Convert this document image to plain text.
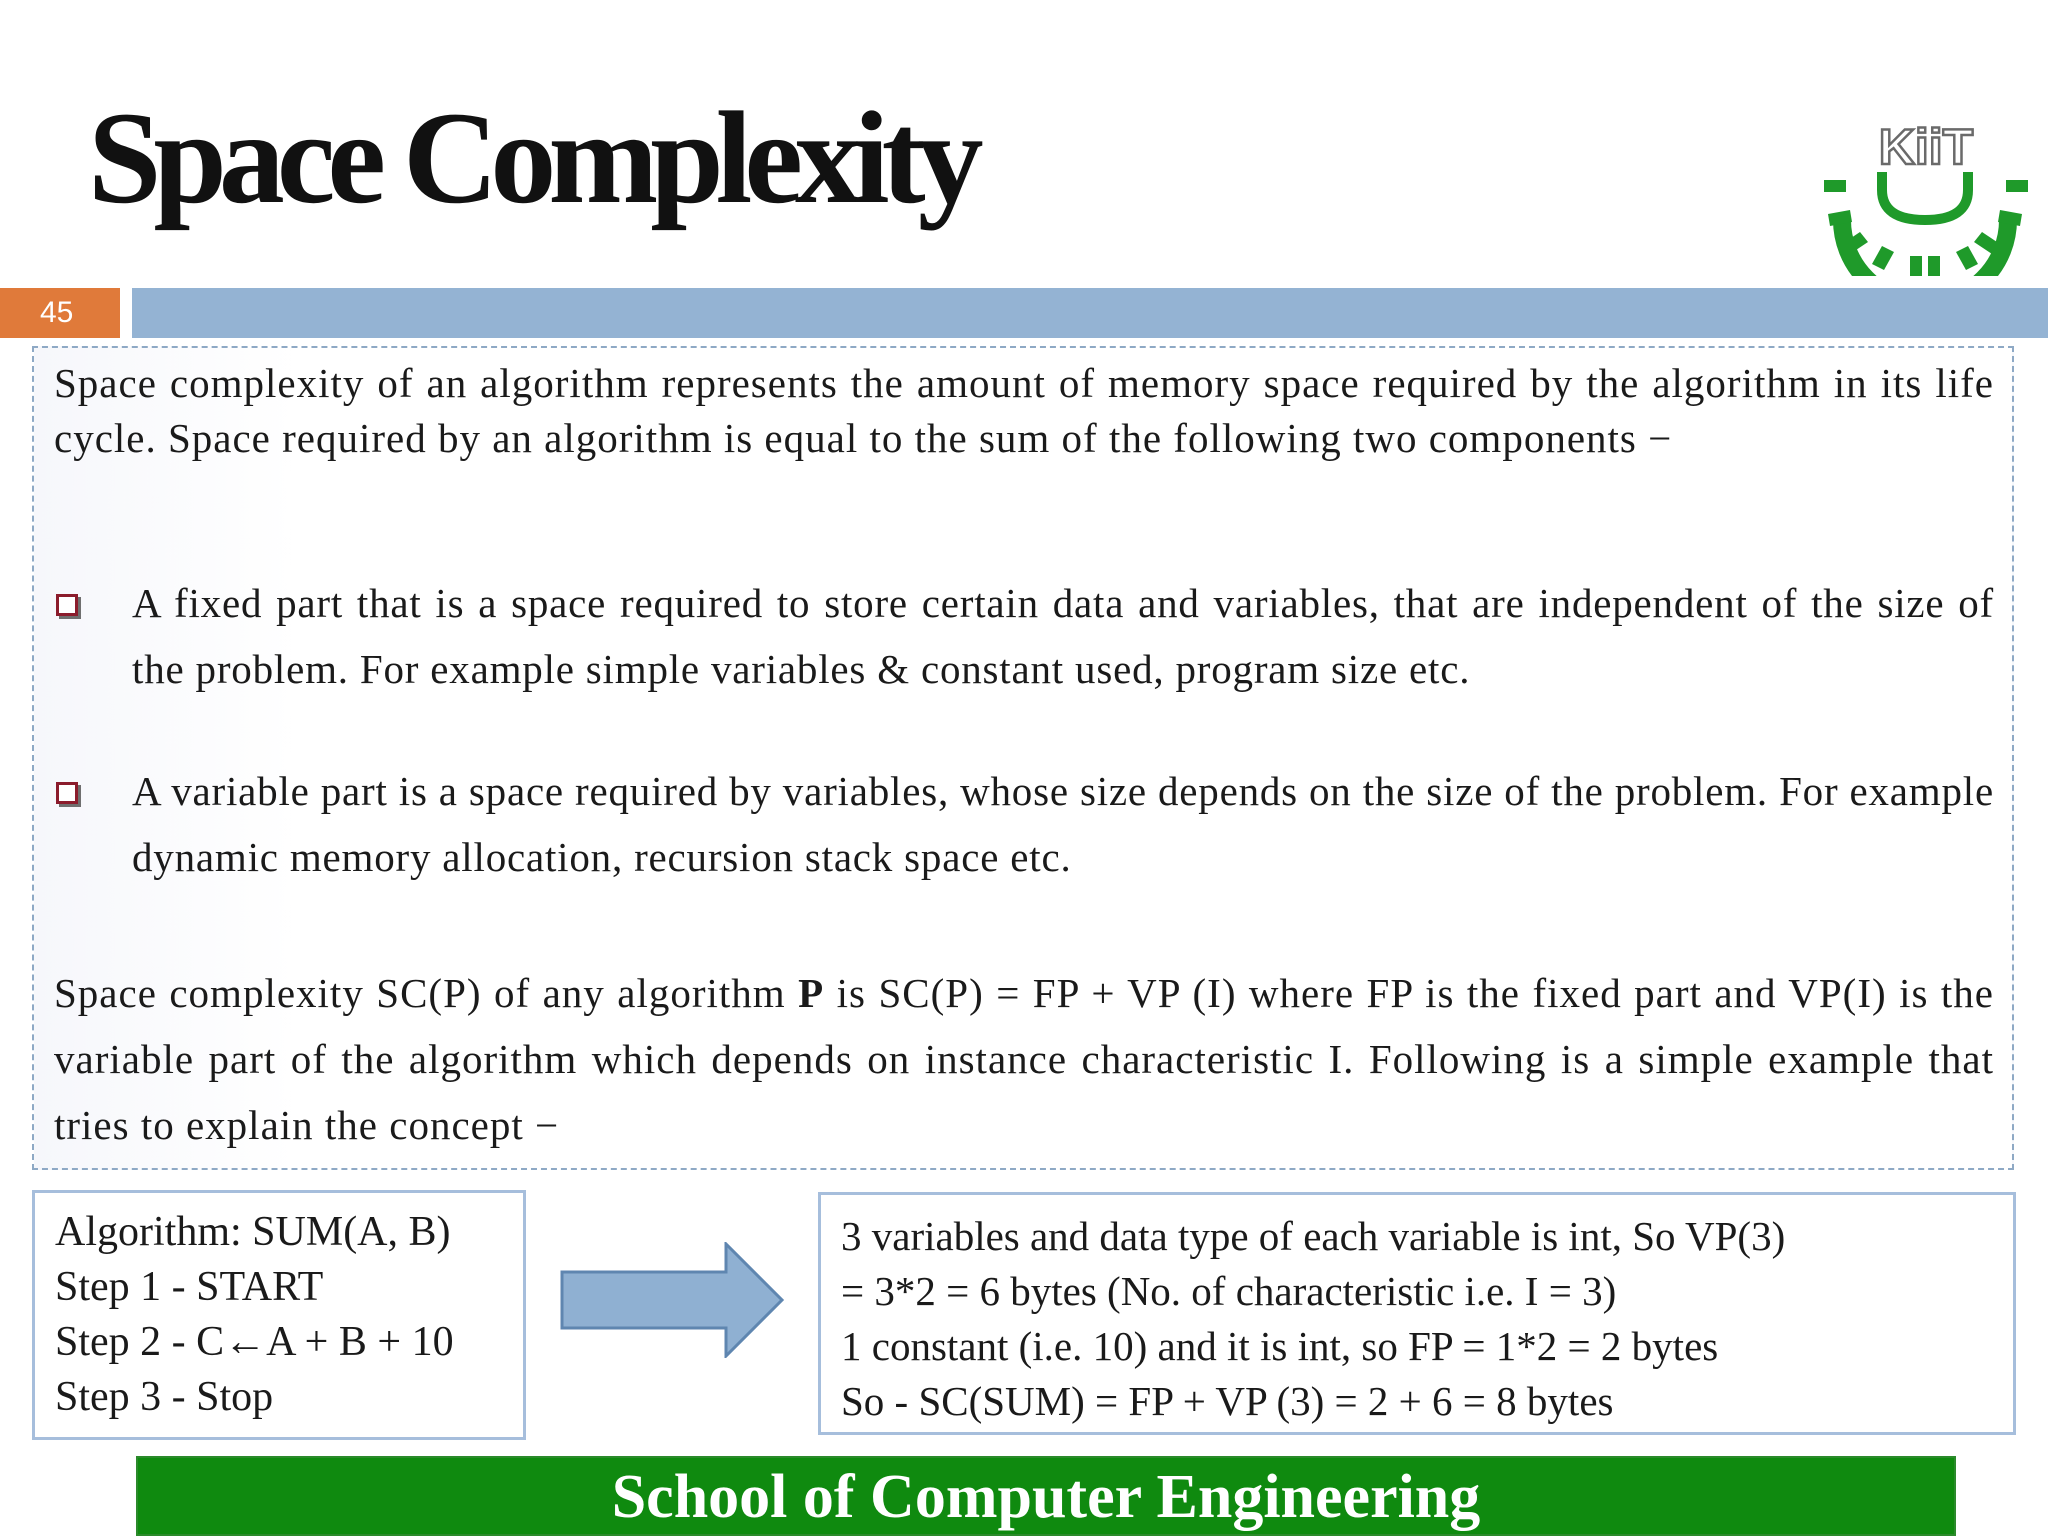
Space Complexity	KiiT
45

Space complexity of an algorithm represents the amount of memory space required by the algorithm in its life cycle. Space required by an algorithm is equal to the sum of the following two components −

A fixed part that is a space required to store certain data and variables, that are independent of the size of the problem. For example simple variables & constant used, program size etc.

A variable part is a space required by variables, whose size depends on the size of the problem. For example dynamic memory allocation, recursion stack space etc.

Space complexity SC(P) of any algorithm P is SC(P) = FP + VP (I) where FP is the fixed part and VP(I) is the variable part of the algorithm which depends on instance characteristic I. Following is a simple example that tries to explain the concept −

Algorithm: SUM(A, B)
Step 1 - START
Step 2 - C←A + B + 10
Step 3 - Stop
3 variables and data type of each variable is int, So VP(3)
= 3*2 = 6 bytes (No. of characteristic i.e. I = 3)
1 constant (i.e. 10) and it is int, so FP = 1*2 = 2 bytes
So - SC(SUM) = FP + VP (3) = 2 + 6 = 8 bytes
School of Computer Engineering
